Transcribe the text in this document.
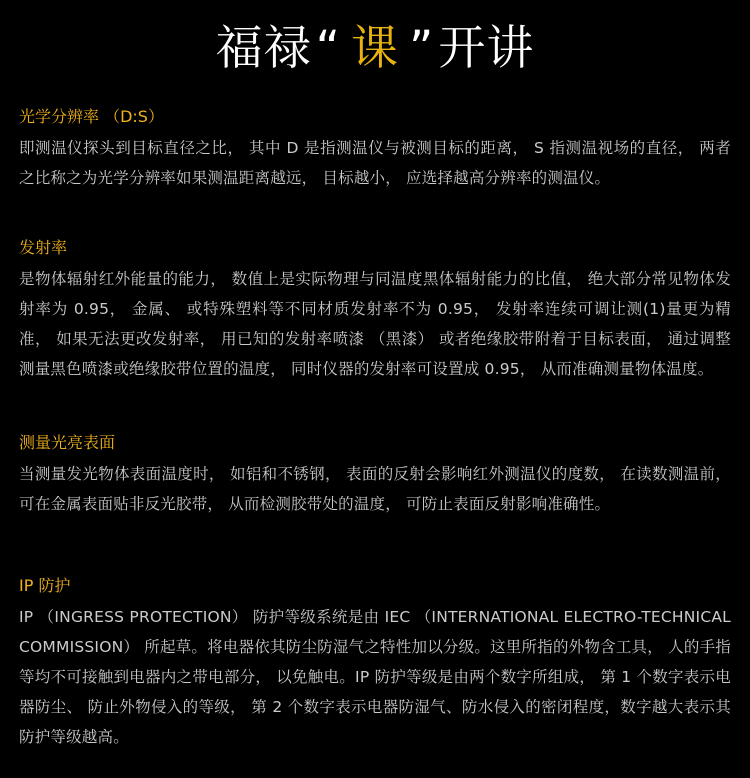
福禄“ 课 ”开讲
光学分辨率 （D:S）

即测温仪探头到目标直径之比， 其中 D 是指测温仪与被测目标的距离， S 指测温视场的直径， 两者之比称之为光学分辨率如果测温距离越远， 目标越小， 应选择越高分辨率的测温仪。

发射率

是物体辐射红外能量的能力， 数值上是实际物理与同温度黑体辐射能力的比值， 绝大部分常见物体发射率为 0.95， 金属、 或特殊塑料等不同材质发射率不为 0.95， 发射率连续可调让测(1)量更为精准， 如果无法更改发射率， 用已知的发射率喷漆 （黑漆） 或者绝缘胶带附着于目标表面， 通过调整测量黑色喷漆或绝缘胶带位置的温度， 同时仪器的发射率可设置成 0.95， 从而准确测量物体温度。

测量光亮表面

当测量发光物体表面温度时， 如铝和不锈钢， 表面的反射会影响红外测温仪的度数， 在读数测温前， 可在金属表面贴非反光胶带， 从而检测胶带处的温度， 可防止表面反射影响准确性。

IP 防护

IP （INGRESS PROTECTION） 防护等级系统是由 IEC （INTERNATIONAL ELECTRO-TECHNICAL COMMISSION） 所起草。将电器依其防尘防湿气之特性加以分级。这里所指的外物含工具， 人的手指等均不可接触到电器内之带电部分， 以免触电。IP 防护等级是由两个数字所组成， 第 1 个数字表示电器防尘、 防止外物侵入的等级， 第 2 个数字表示电器防湿气、防水侵入的密闭程度，数字越大表示其防护等级越高。
